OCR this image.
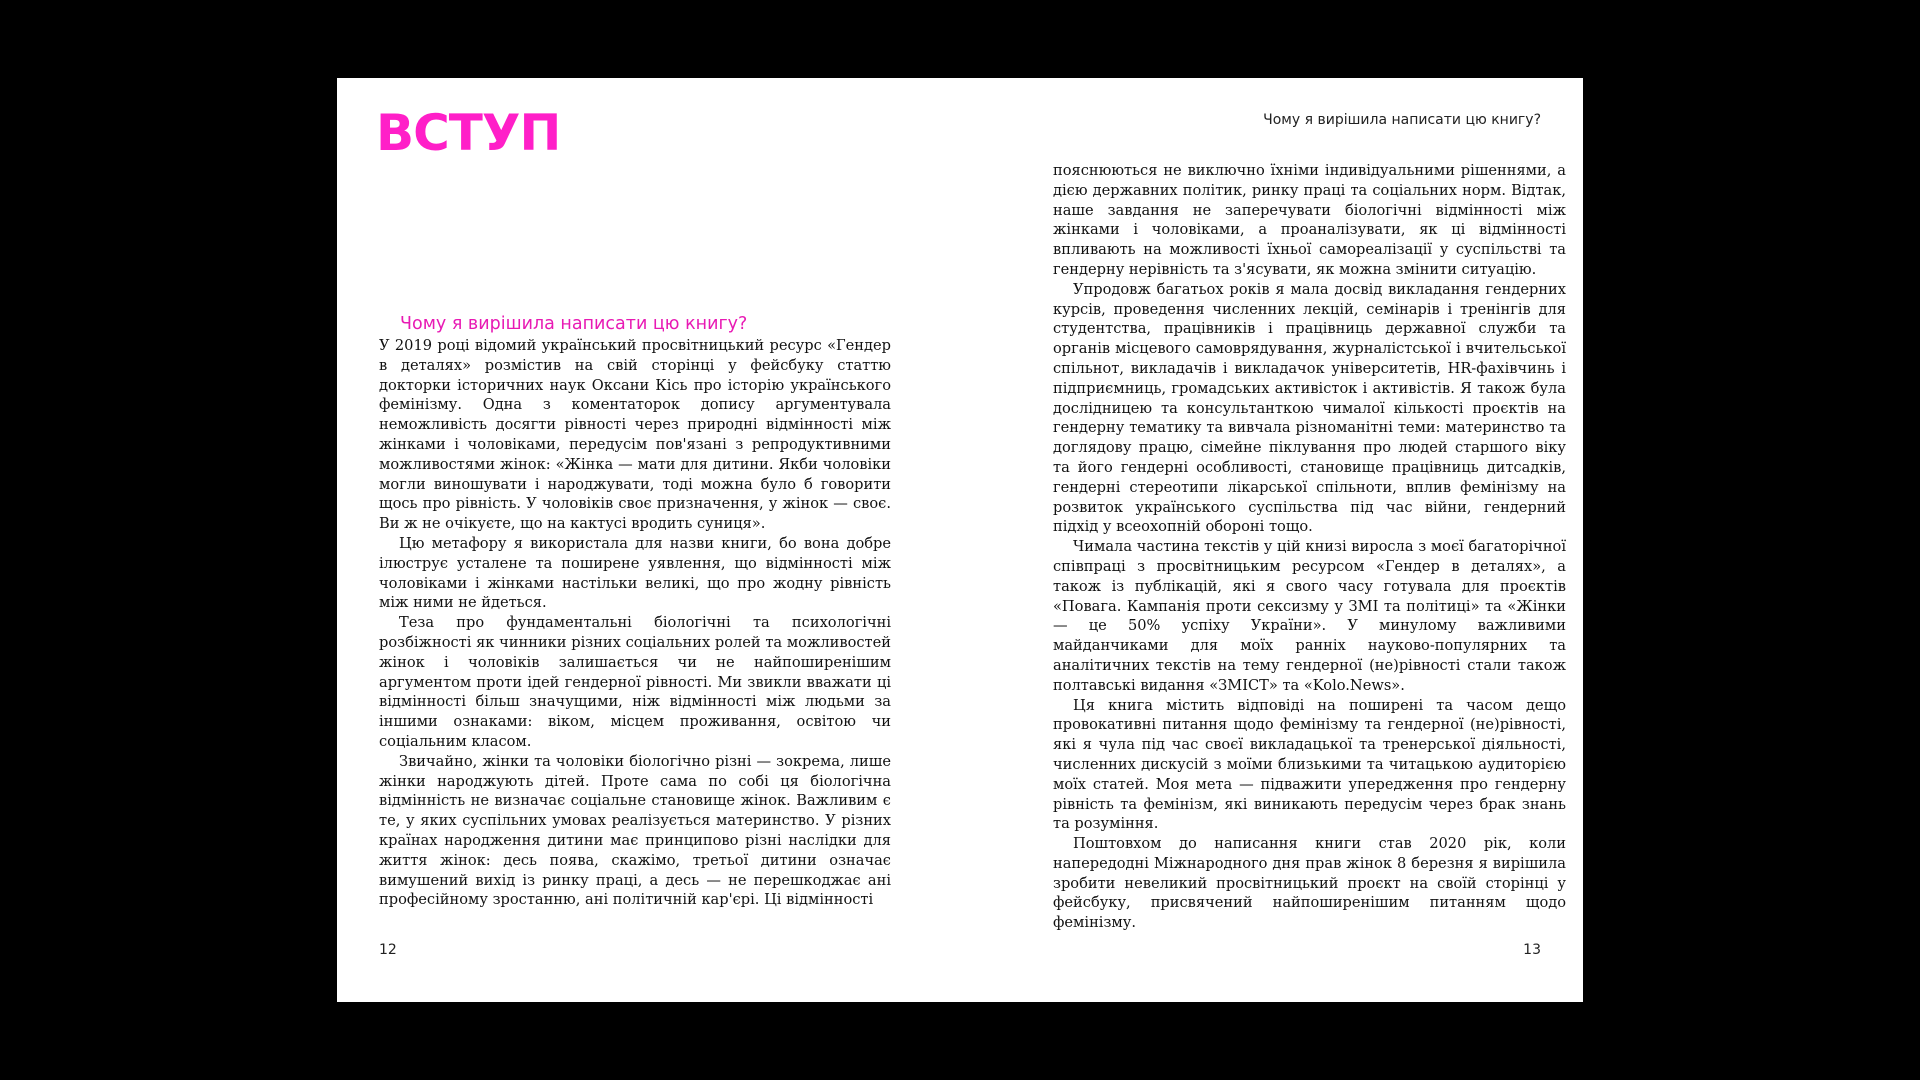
ВСТУП
Чому я вирішила написати цю книгу?

У 2019 році відомий український просвітницький ресурс «Гендер в деталях» розмістив на свій сторінці у фейсбуку статтю докторки історичних наук Оксани Кісь про історію українського фемінізму. Одна з коментаторок допису аргументувала неможливість досягти рівності через природні відмінності між жінками і чоловіками, передусім пов'язані з репродуктивними можливостями жінок: «Жінка — мати для дитини. Якби чоловіки могли виношувати і народжувати, тоді можна було б говорити щось про рівність. У чоловіків своє призначення, у жінок — своє. Ви ж не очікуєте, що на кактусі вродить суниця».

Цю метафору я використала для назви книги, бо вона добре ілюструє усталене та поширене уявлення, що відмінності між чоловіками і жінками настільки великі, що про жодну рівність між ними не йдеться.

Теза про фундаментальні біологічні та психологічні розбіжності як чинники різних соціальних ролей та можливостей жінок і чоловіків залишається чи не найпоширенішим аргументом проти ідей гендерної рівності. Ми звикли вважати ці відмінності більш значущими, ніж відмінності між людьми за іншими ознаками: віком, місцем проживання, освітою чи соціальним класом.

Звичайно, жінки та чоловіки біологічно різні — зокрема, лише жінки народжують дітей. Проте сама по собі ця біологічна відмінність не визначає соціальне становище жінок. Важливим є те, у яких суспільних умовах реалізується материнство. У різних країнах народження дитини має принципово різні наслідки для життя жінок: десь поява, скажімо, третьої дитини означає вимушений вихід із ринку праці, а десь — не перешкоджає ані професійному зростанню, ані політичній кар'єрі. Ці відмінності

12
Чому я вирішила написати цю книгу?

пояснюються не виключно їхніми індивідуальними рішеннями, а дією державних політик, ринку праці та соціальних норм. Відтак, наше завдання не заперечувати біологічні відмінності між жінками і чоловіками, а проаналізувати, як ці відмінності впливають на можливості їхньої самореалізації у суспільстві та гендерну нерівність та з'ясувати, як можна змінити ситуацію.

Упродовж багатьох років я мала досвід викладання гендерних курсів, проведення численних лекцій, семінарів і тренінгів для студентства, працівників і працівниць державної служби та органів місцевого самоврядування, журналістської і вчительської спільнот, викладачів і викладачок університетів, HR-фахівчинь і підприємниць, громадських активісток і активістів. Я також була дослідницею та консультанткою чималої кількості проєктів на гендерну тематику та вивчала різноманітні теми: материнство та доглядову працю, сімейне піклування про людей старшого віку та його гендерні особливості, становище працівниць дитсадків, гендерні стереотипи лікарської спільноти, вплив фемінізму на розвиток українського суспільства під час війни, гендерний підхід у всеохопній обороні тощо.

Чимала частина текстів у цій книзі виросла з моєї багаторічної співпраці з просвітницьким ресурсом «Гендер в деталях», а також із публікацій, які я свого часу готувала для проєктів «Повага. Кампанія проти сексизму у ЗМІ та політиці» та «Жінки — це 50% успіху України». У минулому важливими майданчиками для моїх ранніх науково-популярних та аналітичних текстів на тему гендерної (не)рівності стали також полтавські видання «ЗМІСТ» та «Kolo.News».

Ця книга містить відповіді на поширені та часом дещо провокативні питання щодо фемінізму та гендерної (не)рівності, які я чула під час своєї викладацької та тренерської діяльності, численних дискусій з моїми близькими та читацькою аудиторією моїх статей. Моя мета — підважити упередження про гендерну рівність та фемінізм, які виникають передусім через брак знань та розуміння.

Поштовхом до написання книги став 2020 рік, коли напередодні Міжнародного дня прав жінок 8 березня я вирішила зробити невеликий просвітницький проєкт на своїй сторінці у фейсбуку, присвячений найпоширенішим питанням щодо фемінізму.

13
